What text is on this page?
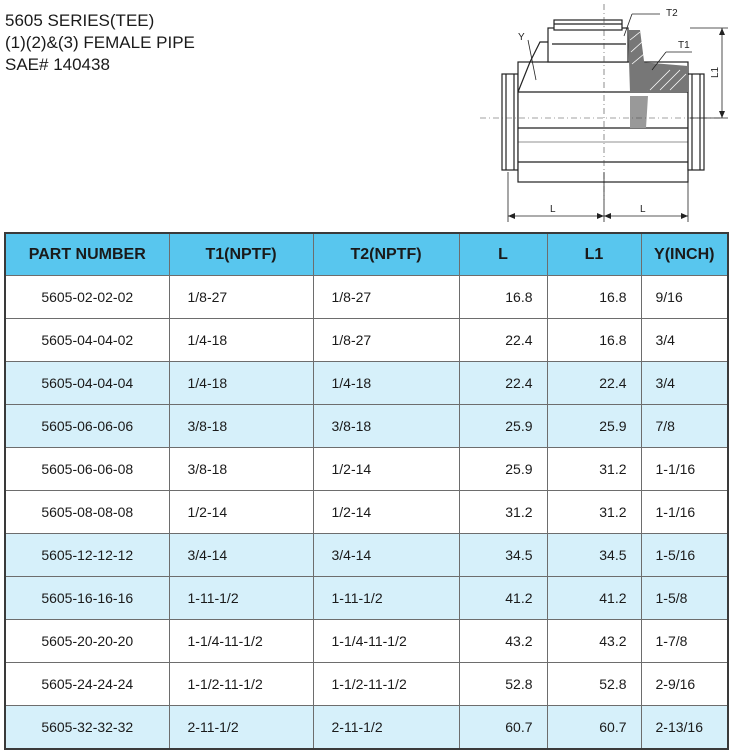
5605 SERIES(TEE)
(1)(2)&(3) FEMALE PIPE
SAE# 140438
Y
T2
T1
L1
L	L
PART NUMBER	T1(NPTF)	T2(NPTF)	L	L1	Y(INCH)
5605-02-02-02	1/8-27	1/8-27	16.8	16.8	9/16
5605-04-04-02	1/4-18	1/8-27	22.4	16.8	3/4
5605-04-04-04	1/4-18	1/4-18	22.4	22.4	3/4
5605-06-06-06	3/8-18	3/8-18	25.9	25.9	7/8
5605-06-06-08	3/8-18	1/2-14	25.9	31.2	1-1/16
5605-08-08-08	1/2-14	1/2-14	31.2	31.2	1-1/16
5605-12-12-12	3/4-14	3/4-14	34.5	34.5	1-5/16
5605-16-16-16	1-11-1/2	1-11-1/2	41.2	41.2	1-5/8
5605-20-20-20	1-1/4-11-1/2	1-1/4-11-1/2	43.2	43.2	1-7/8
5605-24-24-24	1-1/2-11-1/2	1-1/2-11-1/2	52.8	52.8	2-9/16
5605-32-32-32	2-11-1/2	2-11-1/2	60.7	60.7	2-13/16
